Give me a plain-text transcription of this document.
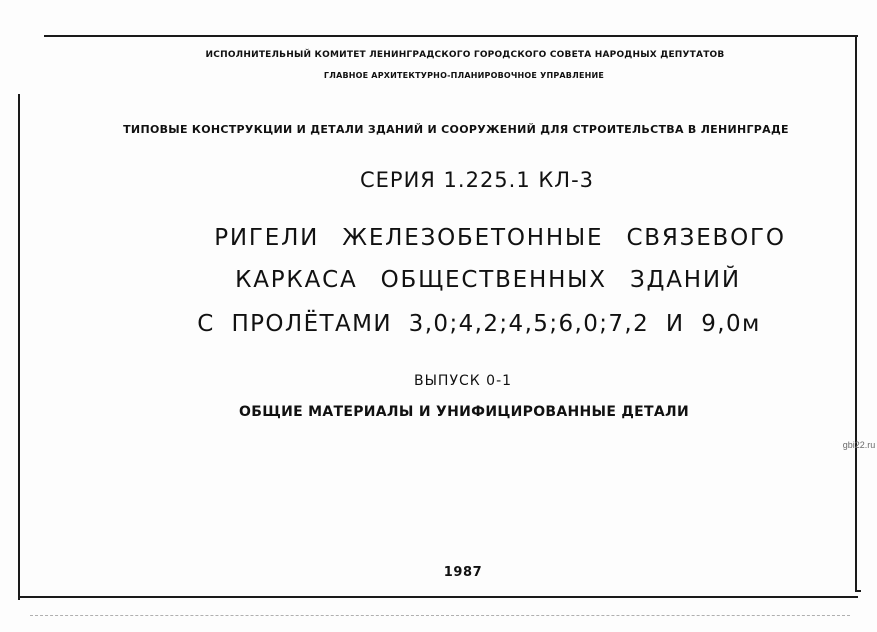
ИСПОЛНИТЕЛЬНЫЙ КОМИТЕТ ЛЕНИНГРАДСКОГО ГОРОДСКОГО СОВЕТА НАРОДНЫХ ДЕПУТАТОВ
ГЛАВНОЕ АРХИТЕКТУРНО-ПЛАНИРОВОЧНОЕ УПРАВЛЕНИЕ
ТИПОВЫЕ КОНСТРУКЦИИ И ДЕТАЛИ ЗДАНИЙ И СООРУЖЕНИЙ ДЛЯ СТРОИТЕЛЬСТВА В ЛЕНИНГРАДЕ
СЕРИЯ 1.225.1 КЛ-3
РИГЕЛИ ЖЕЛЕЗОБЕТОННЫЕ СВЯЗЕВОГО
КАРКАСА ОБЩЕСТВЕННЫХ ЗДАНИЙ
С ПРОЛЁТАМИ 3,0;4,2;4,5;6,0;7,2 И 9,0м
ВЫПУСК 0-1
ОБЩИЕ МАТЕРИАЛЫ И УНИФИЦИРОВАННЫЕ ДЕТАЛИ
gbi22.ru
1987
